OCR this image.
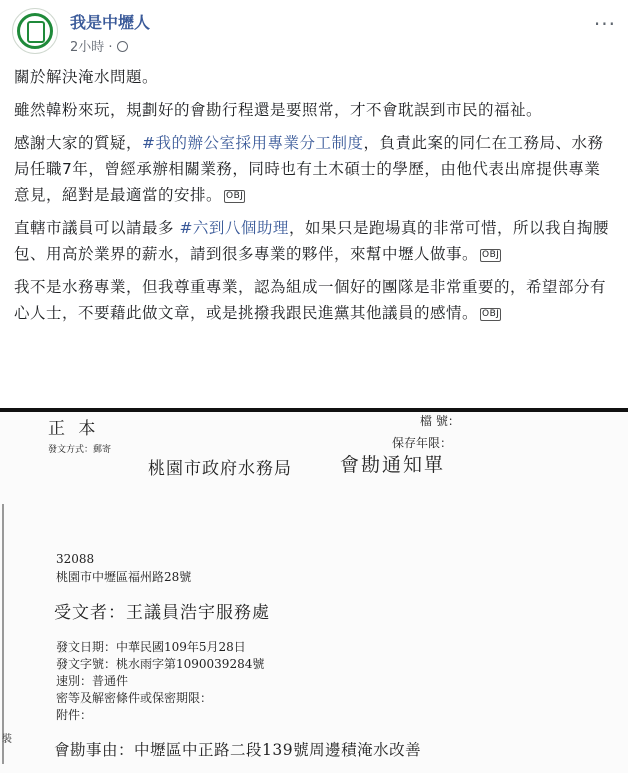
我是中壢人
2小時 ·
···

關於解決淹水問題。

雖然韓粉來玩，規劃好的會勘行程還是要照常，才不會耽誤到市民的福祉。

感謝大家的質疑，#我的辦公室採用專業分工制度，負責此案的同仁在工務局、水務局任職7年，曾經承辦相關業務，同時也有土木碩士的學歷，由他代表出席提供專業意見，絕對是最適當的安排。 OBJ

直轄市議員可以請最多 #六到八個助理，如果只是跑場真的非常可惜，所以我自掏腰包、用高於業界的薪水，請到很多專業的夥伴，來幫中壢人做事。 OBJ

我不是水務專業，但我尊重專業，認為組成一個好的團隊是非常重要的，希望部分有心人士，不要藉此做文章，或是挑撥我跟民進黨其他議員的感情。 OBJ

正 本
發文方式：郵寄
檔 號：
保存年限：
桃園市政府水務局	會勘通知單
32088
桃園市中壢區福州路28號
受文者：王議員浩宇服務處
發文日期：中華民國109年5月28日
發文字號：桃水雨字第1090039284號
速別：普通件
密等及解密條件或保密期限：
附件：
裝
會勘事由：中壢區中正路二段139號周邊積淹水改善
